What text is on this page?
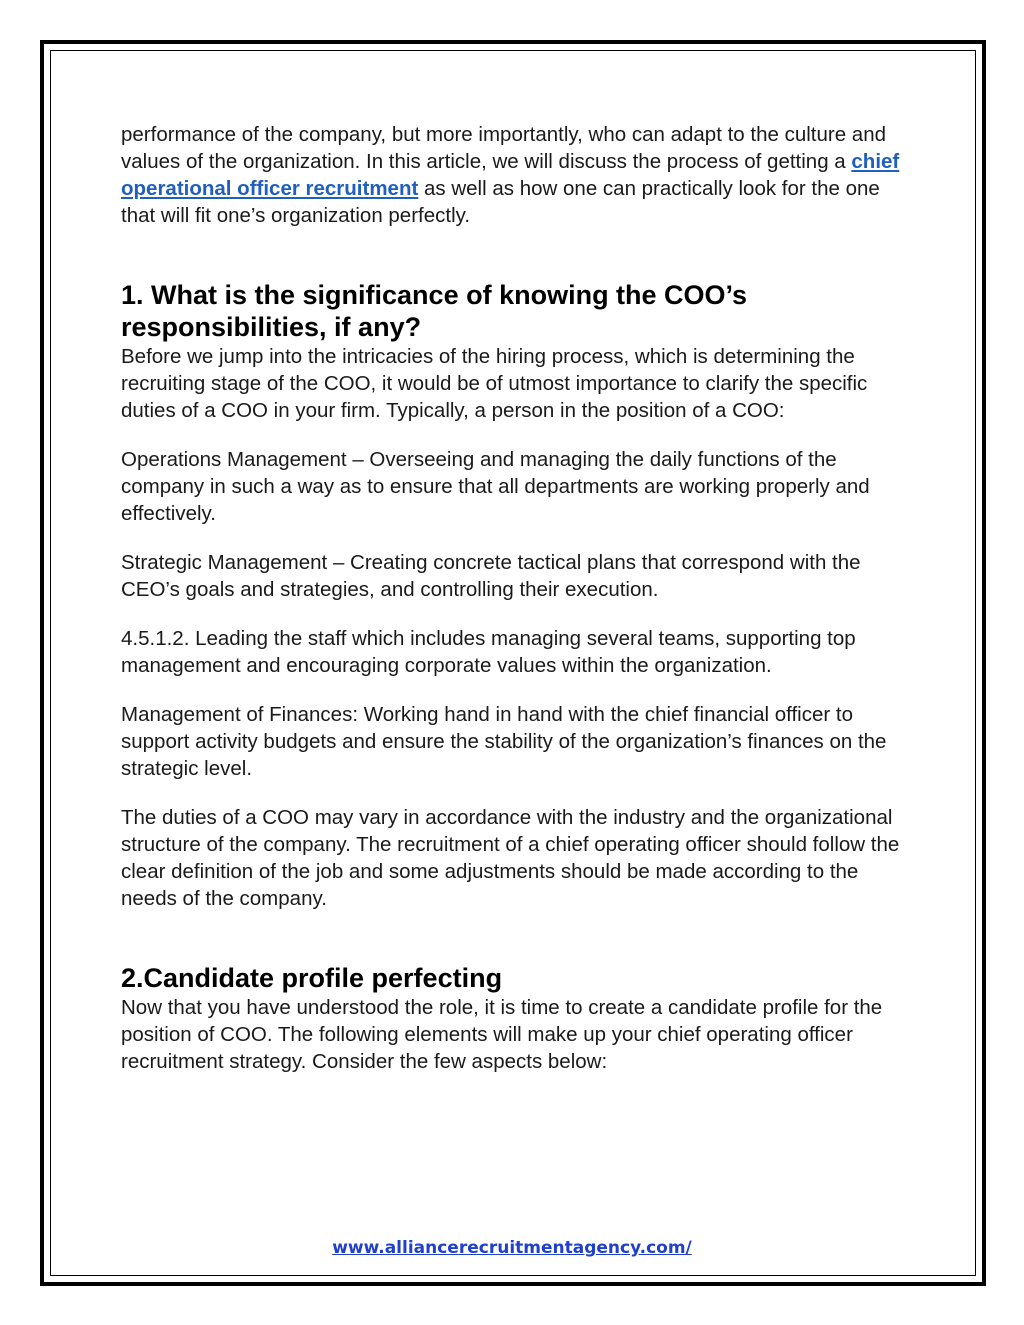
performance of the company, but more importantly, who can adapt to the culture and values of the organization. In this article, we will discuss the process of getting a chief operational officer recruitment as well as how one can practically look for the one that will fit one’s organization perfectly.

1. What is the significance of knowing the COO’s responsibilities, if any?

Before we jump into the intricacies of the hiring process, which is determining the recruiting stage of the COO, it would be of utmost importance to clarify the specific duties of a COO in your firm. Typically, a person in the position of a COO:

Operations Management – Overseeing and managing the daily functions of the company in such a way as to ensure that all departments are working properly and effectively.

Strategic Management – Creating concrete tactical plans that correspond with the CEO’s goals and strategies, and controlling their execution.

4.5.1.2. Leading the staff which includes managing several teams, supporting top management and encouraging corporate values within the organization.

Management of Finances: Working hand in hand with the chief financial officer to support activity budgets and ensure the stability of the organization’s finances on the strategic level.

The duties of a COO may vary in accordance with the industry and the organizational structure of the company. The recruitment of a chief operating officer should follow the clear definition of the job and some adjustments should be made according to the needs of the company.

2.Candidate profile perfecting

Now that you have understood the role, it is time to create a candidate profile for the position of COO. The following elements will make up your chief operating officer recruitment strategy. Consider the few aspects below:

www.alliancerecruitmentagency.com/
